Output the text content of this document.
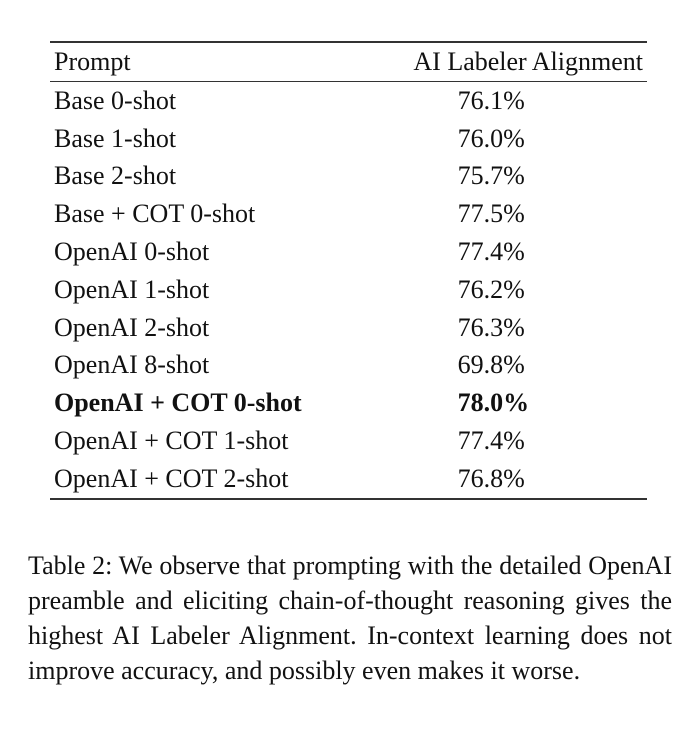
Prompt	AI Labeler Alignment
Base 0-shot	76.1%
Base 1-shot	76.0%
Base 2-shot	75.7%
Base + COT 0-shot	77.5%
OpenAI 0-shot	77.4%
OpenAI 1-shot	76.2%
OpenAI 2-shot	76.3%
OpenAI 8-shot	69.8%
OpenAI + COT 0-shot	78.0%
OpenAI + COT 1-shot	77.4%
OpenAI + COT 2-shot	76.8%

Table 2: We observe that prompting with the detailed OpenAI preamble and eliciting chain-of-thought reasoning gives the highest AI Labeler Alignment. In-context learning does not improve accuracy, and possibly even makes it worse.
